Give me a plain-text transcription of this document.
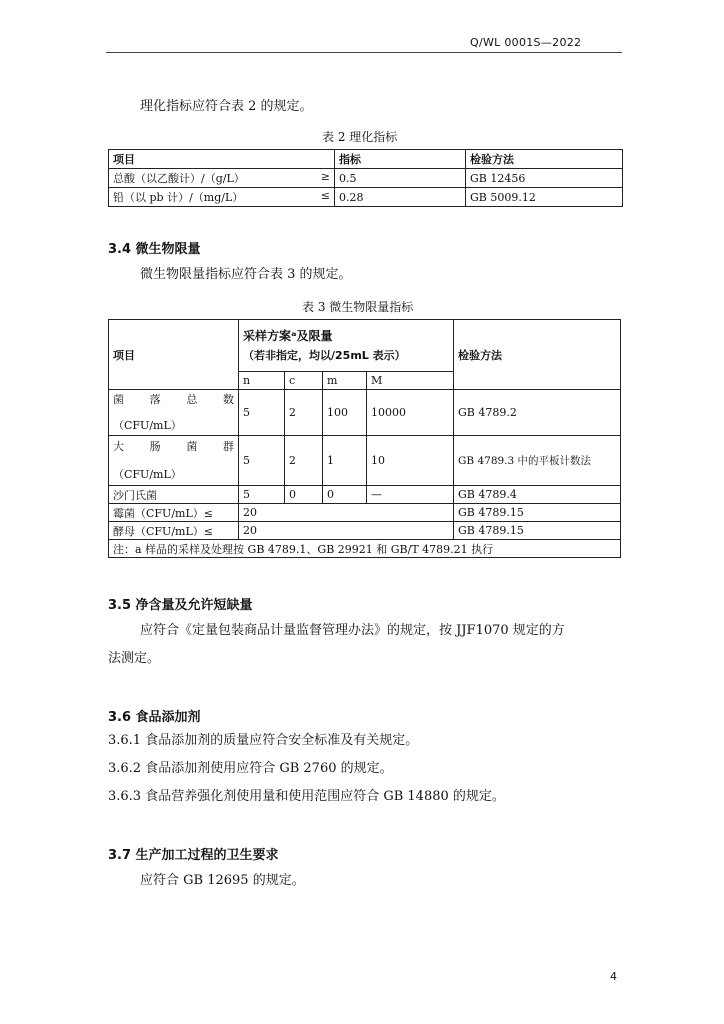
Q/WL 0001S—2022
理化指标应符合表 2 的规定。
表 2 理化指标
项目	指标	检验方法
总酸（以乙酸计）/（g/L） ≥	0.5	GB 12456
铅（以 pb 计）/（mg/L） ≤	0.28	GB 5009.12
3.4 微生物限量
微生物限量指标应符合表 3 的规定。
表 3 微生物限量指标
项目	采样方案ᵃ及限量
（若非指定，均以/25mL 表示）				检验方法
	n	c	m	M	

菌 落 总 数
（CFU/mL）	5	2	100	10000	GB 4789.2

大 肠 菌 群
（CFU/mL）	5	2	1	10	GB 4789.3 中的平板计数法
沙门氏菌	5	0	0	—	GB 4789.4
霉菌（CFU/mL）≤	20				GB 4789.15
酵母（CFU/mL）≤	20				GB 4789.15
注：a 样品的采样及处理按 GB 4789.1、GB 29921 和 GB/T 4789.21 执行					
3.5 净含量及允许短缺量
应符合《定量包装商品计量监督管理办法》的规定，按 JJF1070 规定的方
法测定。
3.6 食品添加剂
3.6.1 食品添加剂的质量应符合安全标准及有关规定。
3.6.2 食品添加剂使用应符合 GB 2760 的规定。
3.6.3 食品营养强化剂使用量和使用范围应符合 GB 14880 的规定。
3.7 生产加工过程的卫生要求
应符合 GB 12695 的规定。
4
